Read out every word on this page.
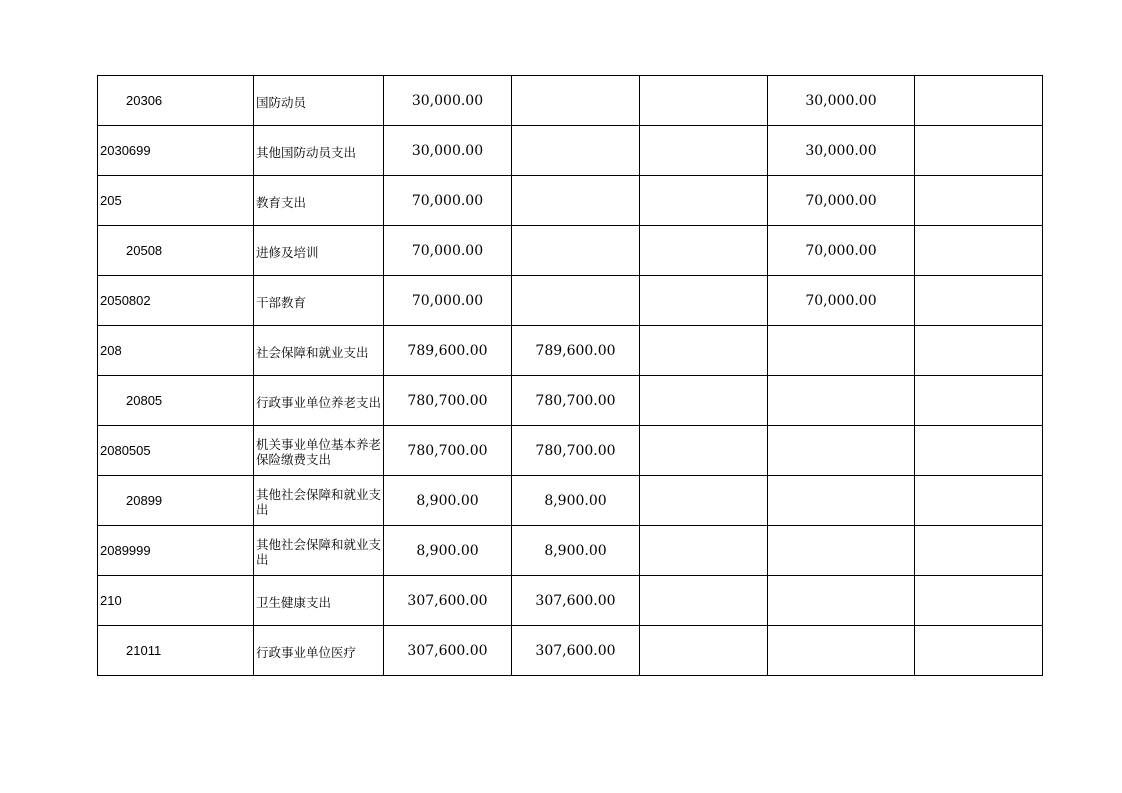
20306	国防动员	30,000.00			30,000.00	
2030699	其他国防动员支出	30,000.00			30,000.00	
205	教育支出	70,000.00			70,000.00	
20508	进修及培训	70,000.00			70,000.00	
2050802	干部教育	70,000.00			70,000.00	
208	社会保障和就业支出	789,600.00	789,600.00			
20805	行政事业单位养老支出	780,700.00	780,700.00			
2080505	机关事业单位基本养老保险缴费支出	780,700.00	780,700.00			
20899	其他社会保障和就业支出	8,900.00	8,900.00			
2089999	其他社会保障和就业支出	8,900.00	8,900.00			
210	卫生健康支出	307,600.00	307,600.00			
21011	行政事业单位医疗	307,600.00	307,600.00			
